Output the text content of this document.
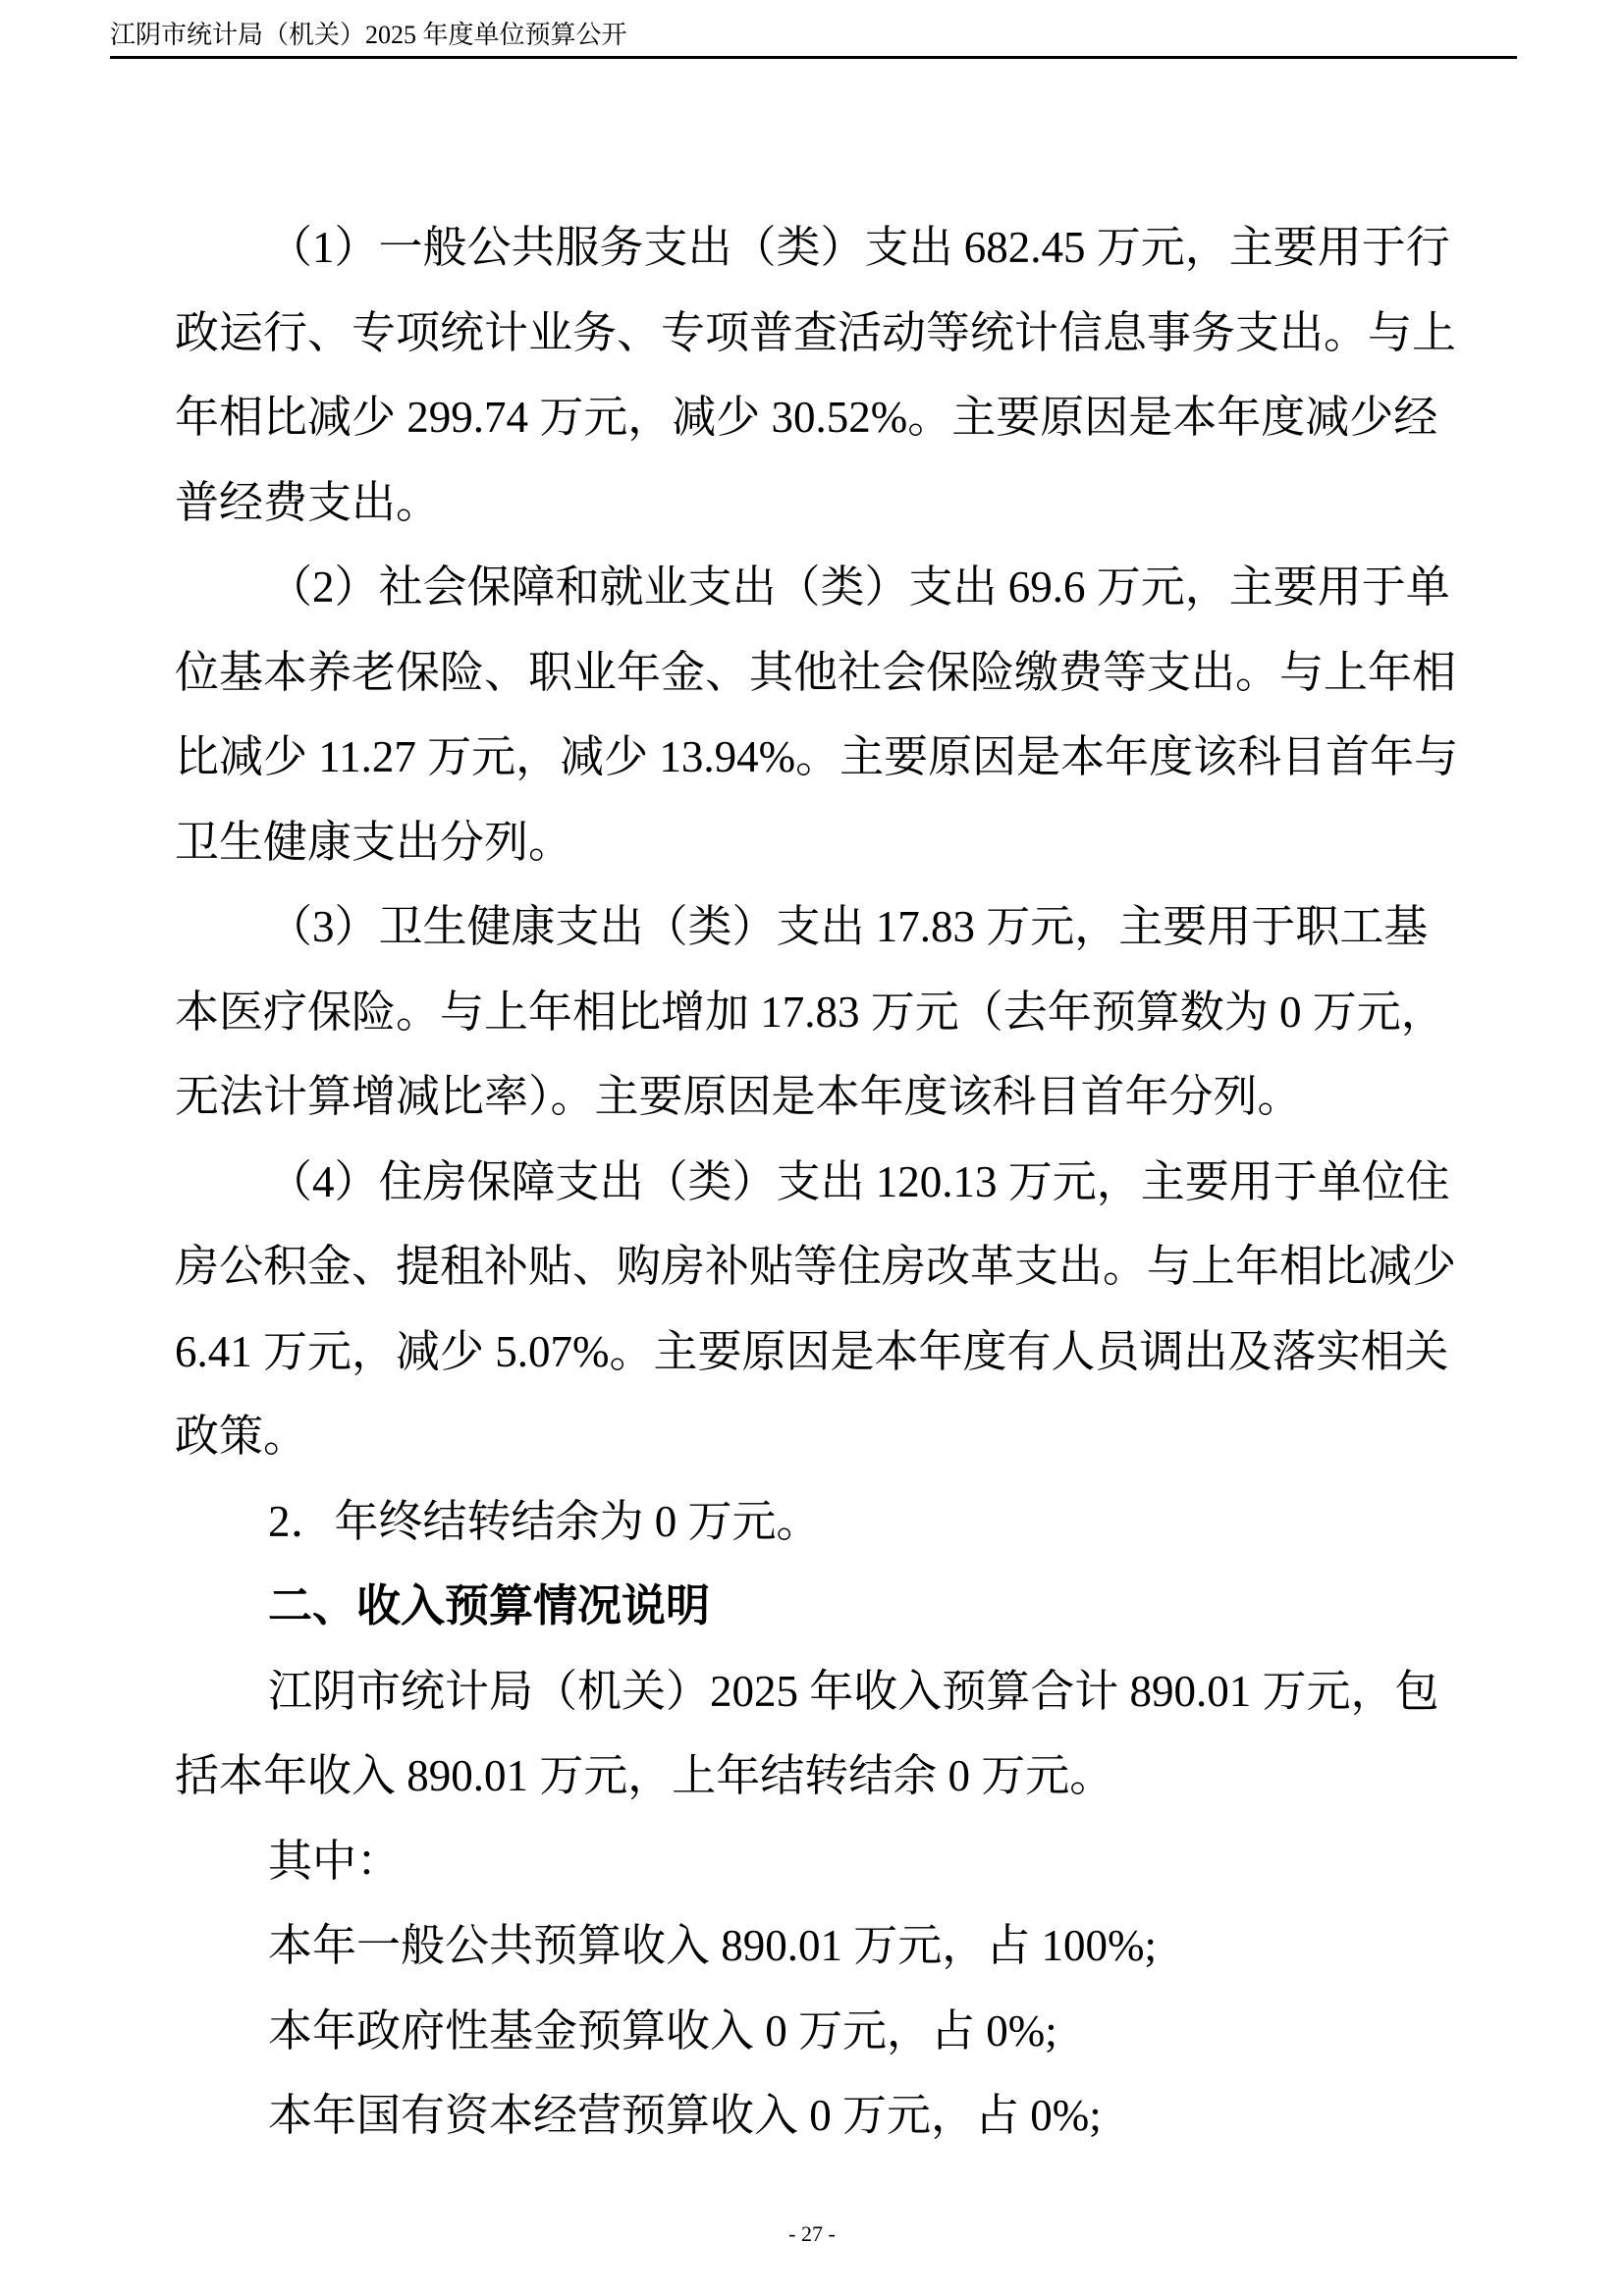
江阴市统计局（机关）2025 年度单位预算公开
（1）一般公共服务支出（类）支出 682.45 万元，主要用于行
政运行、专项统计业务、专项普查活动等统计信息事务支出。与上
年相比减少 299.74 万元，减少 30.52%。主要原因是本年度减少经
普经费支出。
（2）社会保障和就业支出（类）支出 69.6 万元，主要用于单
位基本养老保险、职业年金、其他社会保险缴费等支出。与上年相
比减少 11.27 万元，减少 13.94%。主要原因是本年度该科目首年与
卫生健康支出分列。
（3）卫生健康支出（类）支出 17.83 万元，主要用于职工基
本医疗保险。与上年相比增加 17.83 万元（去年预算数为 0 万元，
无法计算增减比率）。主要原因是本年度该科目首年分列。
（4）住房保障支出（类）支出 120.13 万元，主要用于单位住
房公积金、提租补贴、购房补贴等住房改革支出。与上年相比减少
6.41 万元，减少 5.07%。主要原因是本年度有人员调出及落实相关
政策。
2．年终结转结余为 0 万元。
二、收入预算情况说明
江阴市统计局（机关）2025 年收入预算合计 890.01 万元，包
括本年收入 890.01 万元，上年结转结余 0 万元。
其中：
本年一般公共预算收入 890.01 万元，占 100%;
本年政府性基金预算收入 0 万元，占 0%;
本年国有资本经营预算收入 0 万元，占 0%;
- 27 -
